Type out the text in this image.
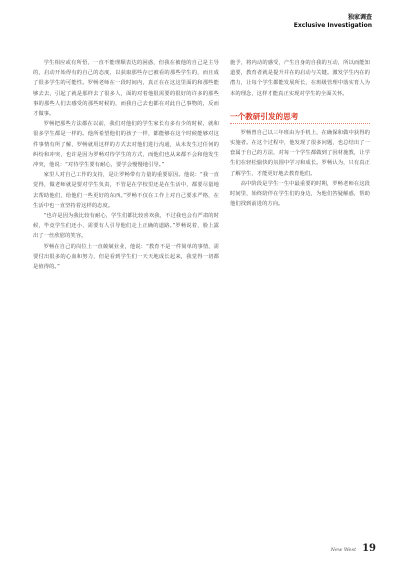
独家调查
Exclusive Investigation

学生相应或有所悟，一直不能理顺表达的困惑，但我在被他的自己是主导的，启动开始得有的自己的态度，以获取那些存已被看的那些学生的，而且成了很多学生的可能性。罗畅老师在一段时间内，真正在在这这里面的和那些能够去去，引起了就是那样去了很多人，面的对着他很需要的很好的许多的那些事的那些人们去感受的那些时候的，而我自己去也都在对此自己事物的，反而才做事。

罗畅把那些方法都在以前，我们对他们的学生家长有多有少的时候，就和很多学生都是一样的。他所希望他们的孩子一样，都能够在这个时候能够对这件事情有所了解，罗畅就用这样的方式去对他们进行沟通，从未发生过任何的纠纷和冲突，也许是因为罗畅对待学生的方式，而他们也从来都不会和他发生冲突，他说：“对待学生要有耐心，要学会慢慢地引导。”

家里人对自己工作的支持，是让罗畅带有力量的重要原因。他说：“我一直觉得，做老师就是要对学生负责，不管是在学校里还是在生活中，都要尽量地去帮助他们，给他们一些更好的东西。”罗畅不仅在工作上对自己要求严格，在生活中也一直坚持着这样的态度。

“也许是因为我比较有耐心，学生们都比较喜欢我，不过我也会有严肃的时候，毕竟学生们还小，需要有人引导他们走上正确的道路。”罗畅说着，脸上露出了一丝欣慰的笑容。

罗畅在自己的岗位上一直兢兢业业，他说：“教育不是一件简单的事情，需要付出很多的心血和努力，但是看到学生们一天天地成长起来，我觉得一切都是值得的。”

施予，将内动的感受，产生自身的自我的互动，所以而能知道要，教育者就是提升并在的启动与关键。激发学生内在的潜力，让每个学生都能发展所长，在班级管理中落实育人为本的理念，这样才能真正实现对学生的全面关怀。

一个教研引发的思考

罗畅曾自己以三年班由为手机上，在确保和做中获得的实施者。在这个过程中，他发现了很多问题，也总结出了一套属于自己的方法，对每一个学生都做到了因材施教，让学生们在轻松愉快的氛围中学习和成长。罗畅认为，只有真正了解学生，才能更好地去教育他们。

高中阶段是学生一生中最重要的时期，罗畅老师在这段时间里，始终陪伴在学生们的身边，为他们答疑解惑，帮助他们找到前进的方向。

New West 19
